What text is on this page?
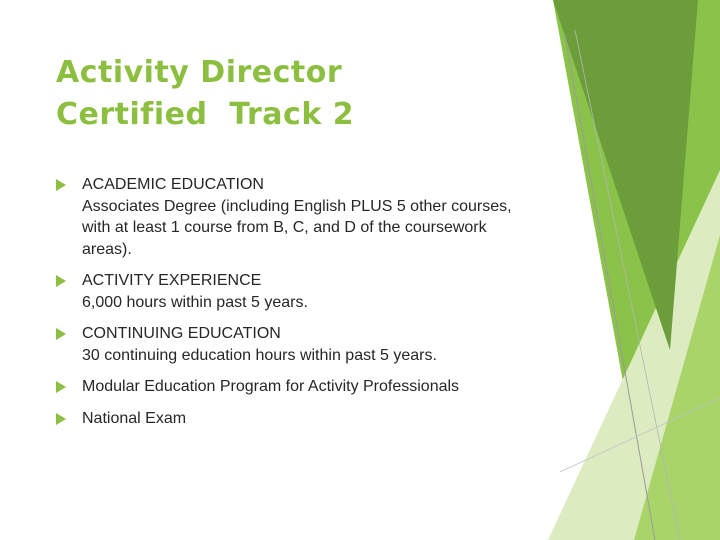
Activity Director
Certified  Track 2
ACADEMIC EDUCATION
Associates Degree (including English PLUS 5 other courses, with at least 1 course from B, C, and D of the coursework areas).
ACTIVITY EXPERIENCE
6,000 hours within past 5 years.
CONTINUING EDUCATION
30 continuing education hours within past 5 years.
Modular Education Program for Activity Professionals
National Exam
